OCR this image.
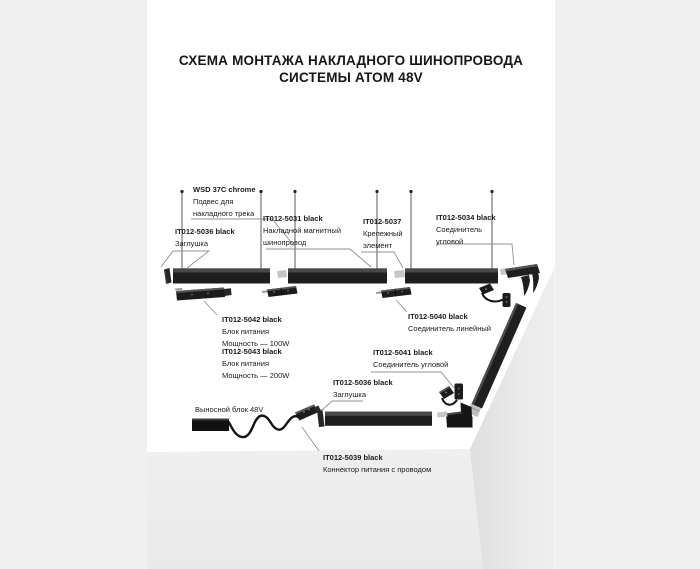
СХЕМА МОНТАЖА НАКЛАДНОГО ШИНОПРОВОДА
СИСТЕМЫ ATOM 48V
WSD 37C chrome
Подвес для
накладного трека
IT012-5036 black
Заглушка
IT012-5031 black
Накладной магнитный
шинопровод
IT012-5037
Крепежный
элемент
IT012-5034 black
Соединитель
угловой
IT012-5042 black
Блок питания
Мощность — 100W
IT012-5043 black
Блок питания
Мощность — 200W
IT012-5040 black
Соединитель линейный
IT012-5041 black
Соединитель угловой
IT012-5036 black
Заглушка
Выносной блок 48V
IT012-5039 black
Коннектор питания с проводом
